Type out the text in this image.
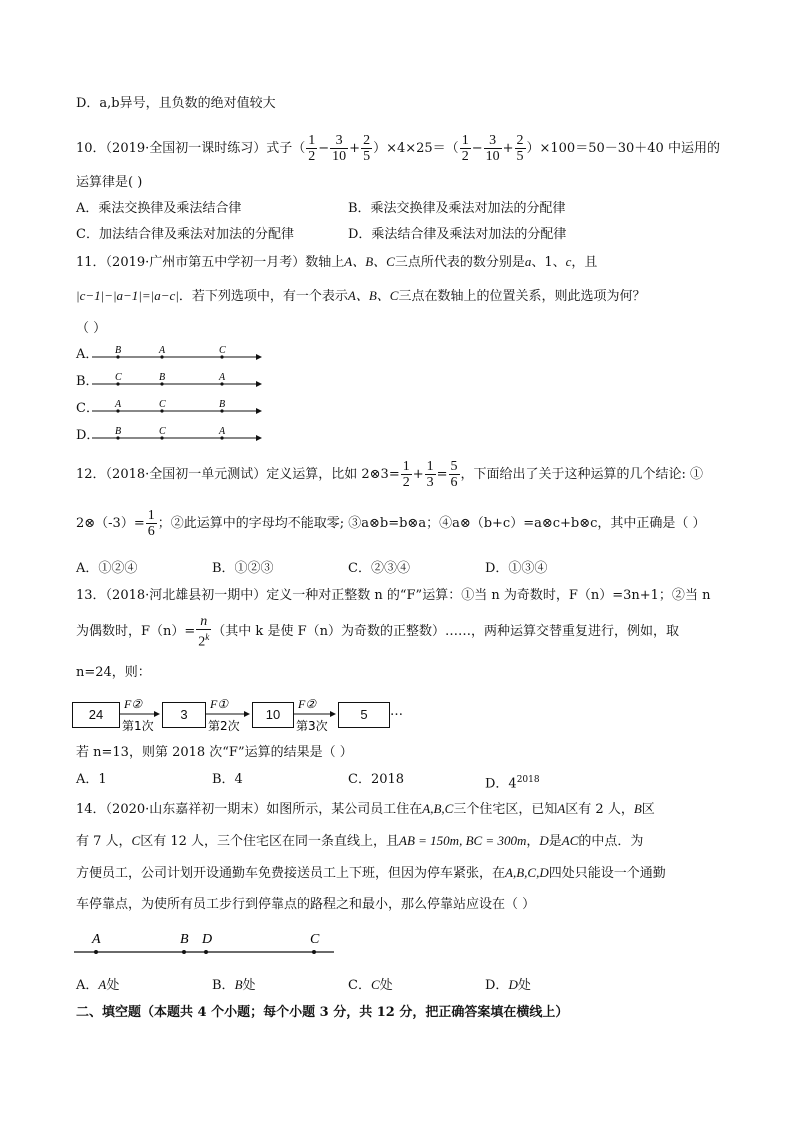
D．a,b异号，且负数的绝对值较大
10．（2019·全国初一课时练习）式子（ $\frac{1}{2} - \frac{3}{10} + \frac{2}{5} )\times 4\times 25=( \frac{1}{2} - \frac{3}{10} + \frac{2}{5} )\times 100=50-30+40$ 中运用的
运算律是( )
A．乘法交换律及乘法结合律	B．乘法交换律及乘法对加法的分配律
C．加法结合律及乘法对加法的分配律	D．乘法结合律及乘法对加法的分配律
11．（2019·广州市第五中学初一月考）数轴上A、B、C三点所代表的数分别是a、1、c，且
|c−1|−|a−1|=|a−c|．若下列选项中，有一个表示A、B、C三点在数轴上的位置关系，则此选项为何？
（ ）
A． B	A	C
B． C	B	A
C． A	C	B
D． B	C	A
12．（2018·全国初一单元测试）定义运算，比如 2⊗3= $\frac{1}{2} + \frac{1}{3} = \frac{5}{6}$ ，下面给出了关于这种运算的几个结论: ①
2⊗（-3）= $\frac{1}{6}$ ；②此运算中的字母均不能取零; ③a⊗b=b⊗a；④a⊗（b+c）=a⊗c+b⊗c，其中正确是（ ）
A．①②④	B．①②③	C．②③④	D．①③④
13．（2018·河北雄县初一期中）定义一种对正整数 n 的“F”运算：①当 n 为奇数时，F（n）=3n+1；②当 n
为偶数时，$F(n)= \frac{n}{2^k}$ （其中 k 是使 F（n）为奇数的正整数）……，两种运算交替重复进行，例如，取
n=24，则：
24	3	10	5
F②
第1次
F①
第2次
F②
第3次
…
若 n=13，则第 2018 次“F”运算的结果是（ ）
A．1	B．4	C．2018	D．$4^{2018}$
14．（2020·山东嘉祥初一期末）如图所示，某公司员工住在A,B,C三个住宅区，已知A区有 2 人，B区
有 7 人，C区有 12 人，三个住宅区在同一条直线上，且AB = 150m, BC = 300m，D是AC的中点．为
方便员工，公司计划开设通勤车免费接送员工上下班，但因为停车紧张，在A,B,C,D四处只能设一个通勤
车停靠点，为使所有员工步行到停靠点的路程之和最小，那么停靠站应设在（ ）
A	B D	C
A．A处	B．B处	C．C处	D．D处
二、填空题（本题共 4 个小题；每个小题 3 分，共 12 分，把正确答案填在横线上）
